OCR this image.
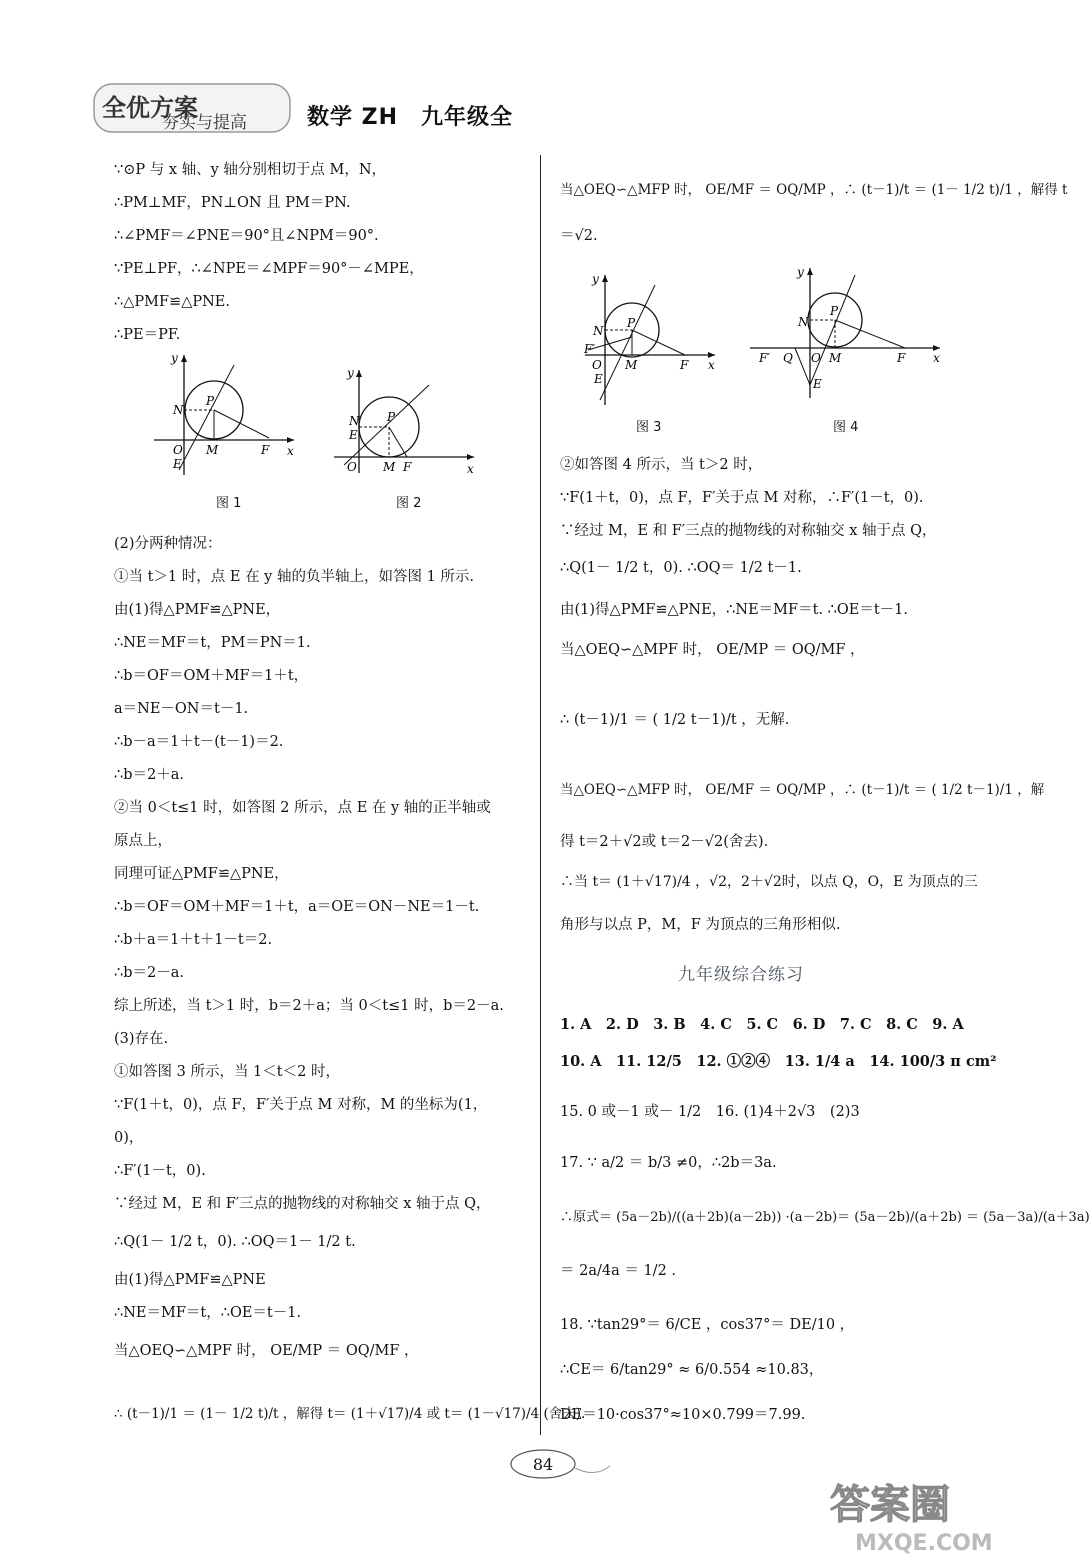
全优方案
夯实与提高	数学 ZH　九年级全
∵⊙P 与 x 轴、y 轴分别相切于点 M，N，
∴PM⊥MF，PN⊥ON 且 PM＝PN.
∴∠PMF＝∠PNE＝90°且∠NPM＝90°.
∵PE⊥PF，∴∠NPE＝∠MPF＝90°－∠MPE，
∴△PMF≌△PNE.
∴PE＝PF.
y
x
N
P
O M	F
E
图 1
y
x
N
E
P
O M F
图 2
(2)分两种情况：
①当 t＞1 时，点 E 在 y 轴的负半轴上，如答图 1 所示.
由(1)得△PMF≌△PNE，
∴NE＝MF＝t，PM＝PN＝1.
∴b＝OF＝OM＋MF＝1＋t，
a＝NE－ON＝t－1.
∴b－a＝1＋t－(t－1)＝2.
∴b＝2＋a.
②当 0＜t≤1 时，如答图 2 所示，点 E 在 y 轴的正半轴或
原点上，
同理可证△PMF≌△PNE，
∴b＝OF＝OM＋MF＝1＋t，a＝OE＝ON－NE＝1－t.
∴b＋a＝1＋t＋1－t＝2.
∴b＝2－a.
综上所述，当 t＞1 时，b＝2＋a；当 0＜t≤1 时，b＝2－a.
(3)存在.
①如答图 3 所示，当 1＜t＜2 时，
∵F(1＋t，0)，点 F，F′关于点 M 对称，M 的坐标为(1，
0)，
∴F′(1－t，0).
∵经过 M，E 和 F′三点的抛物线的对称轴交 x 轴于点 Q，
∴Q(1－ 1/2 t，0). ∴OQ＝1－ 1/2 t.
由(1)得△PMF≌△PNE
∴NE＝MF＝t，∴OE＝t－1.
当△OEQ∽△MPF 时， OE/MP ＝ OQ/MF ，
∴ (t－1)/1 ＝ (1－ 1/2 t)/t ，解得 t＝ (1＋√17)/4 或 t＝ (1－√17)/4 (舍去).
当△OEQ∽△MFP 时， OE/MF ＝ OQ/MP ，∴ (t－1)/t ＝ (1－ 1/2 t)/1 ，解得 t
＝√2.
y
x
N
P
F′
O M	F
E
图 3
y
x
N
P
F′ Q O M	F
E
图 4
②如答图 4 所示，当 t＞2 时，
∵F(1＋t，0)，点 F，F′关于点 M 对称，∴F′(1－t，0).
∵经过 M，E 和 F′三点的抛物线的对称轴交 x 轴于点 Q，
∴Q(1－ 1/2 t，0). ∴OQ＝ 1/2 t－1.
由(1)得△PMF≌△PNE，∴NE＝MF＝t. ∴OE＝t－1.
当△OEQ∽△MPF 时， OE/MP ＝ OQ/MF ，
∴ (t－1)/1 ＝ ( 1/2 t－1)/t ，无解.
当△OEQ∽△MFP 时， OE/MF ＝ OQ/MP ，∴ (t－1)/t ＝ ( 1/2 t－1)/1 ，解
得 t＝2＋√2或 t＝2－√2(舍去).
∴当 t＝ (1＋√17)/4 ，√2，2＋√2时，以点 Q，O，E 为顶点的三
角形与以点 P，M，F 为顶点的三角形相似.
九年级综合练习
1. A　2. D　3. B　4. C　5. C　6. D　7. C　8. C　9. A
10. A　11. 12/5　12. ①②④　13. 1/4 a　14. 100/3 π cm²
15. 0 或－1 或－ 1/2　16. (1)4＋2√3　(2)3
17. ∵ a/2 ＝ b/3 ≠0，∴2b＝3a.
∴原式＝ (5a－2b)/((a＋2b)(a－2b)) ·(a－2b)＝ (5a－2b)/(a＋2b) ＝ (5a－3a)/(a＋3a)
＝ 2a/4a ＝ 1/2 .
18. ∵tan29°＝ 6/CE ，cos37°＝ DE/10 ，
∴CE＝ 6/tan29° ≈ 6/0.554 ≈10.83，
DE＝10·cos37°≈10×0.799＝7.99.
84
答案圈
MXQE.COM
